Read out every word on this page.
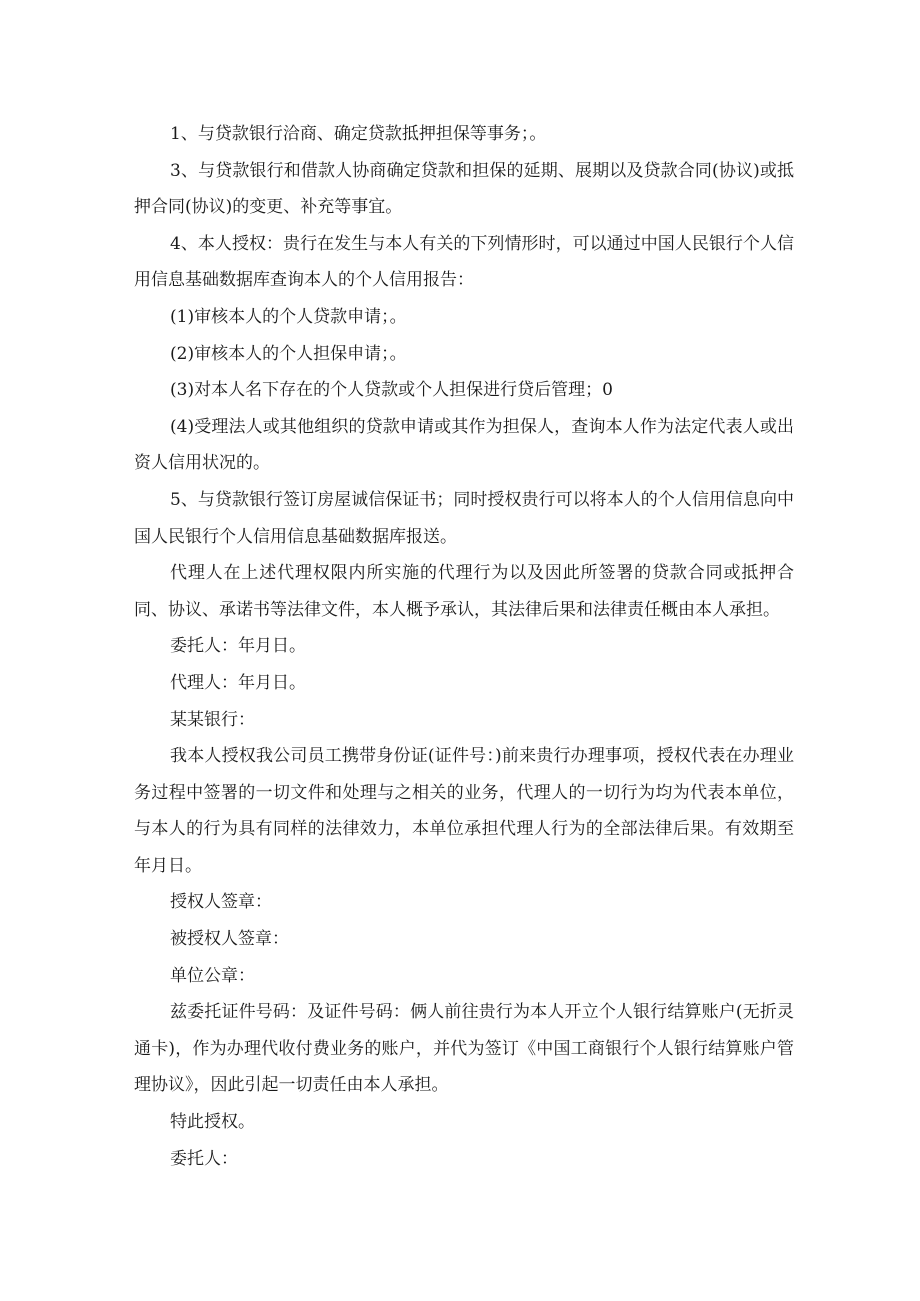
1、与贷款银行洽商、确定贷款抵押担保等事务；。

3、与贷款银行和借款人协商确定贷款和担保的延期、展期以及贷款合同(协议)或抵押合同(协议)的变更、补充等事宜。

4、本人授权：贵行在发生与本人有关的下列情形时，可以通过中国人民银行个人信用信息基础数据库查询本人的个人信用报告：

(1)审核本人的个人贷款申请；。

(2)审核本人的个人担保申请；。

(3)对本人名下存在的个人贷款或个人担保进行贷后管理；0

(4)受理法人或其他组织的贷款申请或其作为担保人，查询本人作为法定代表人或出资人信用状况的。

5、与贷款银行签订房屋诚信保证书；同时授权贵行可以将本人的个人信用信息向中国人民银行个人信用信息基础数据库报送。

代理人在上述代理权限内所实施的代理行为以及因此所签署的贷款合同或抵押合同、协议、承诺书等法律文件，本人概予承认，其法律后果和法律责任概由本人承担。

委托人：年月日。

代理人：年月日。

某某银行：

我本人授权我公司员工携带身份证(证件号：)前来贵行办理事项，授权代表在办理业务过程中签署的一切文件和处理与之相关的业务，代理人的一切行为均为代表本单位，与本人的行为具有同样的法律效力，本单位承担代理人行为的全部法律后果。有效期至年月日。

授权人签章：

被授权人签章：

单位公章：

兹委托证件号码：及证件号码：俩人前往贵行为本人开立个人银行结算账户(无折灵通卡)，作为办理代收付费业务的账户，并代为签订《中国工商银行个人银行结算账户管理协议》，因此引起一切责任由本人承担。

特此授权。

委托人：
